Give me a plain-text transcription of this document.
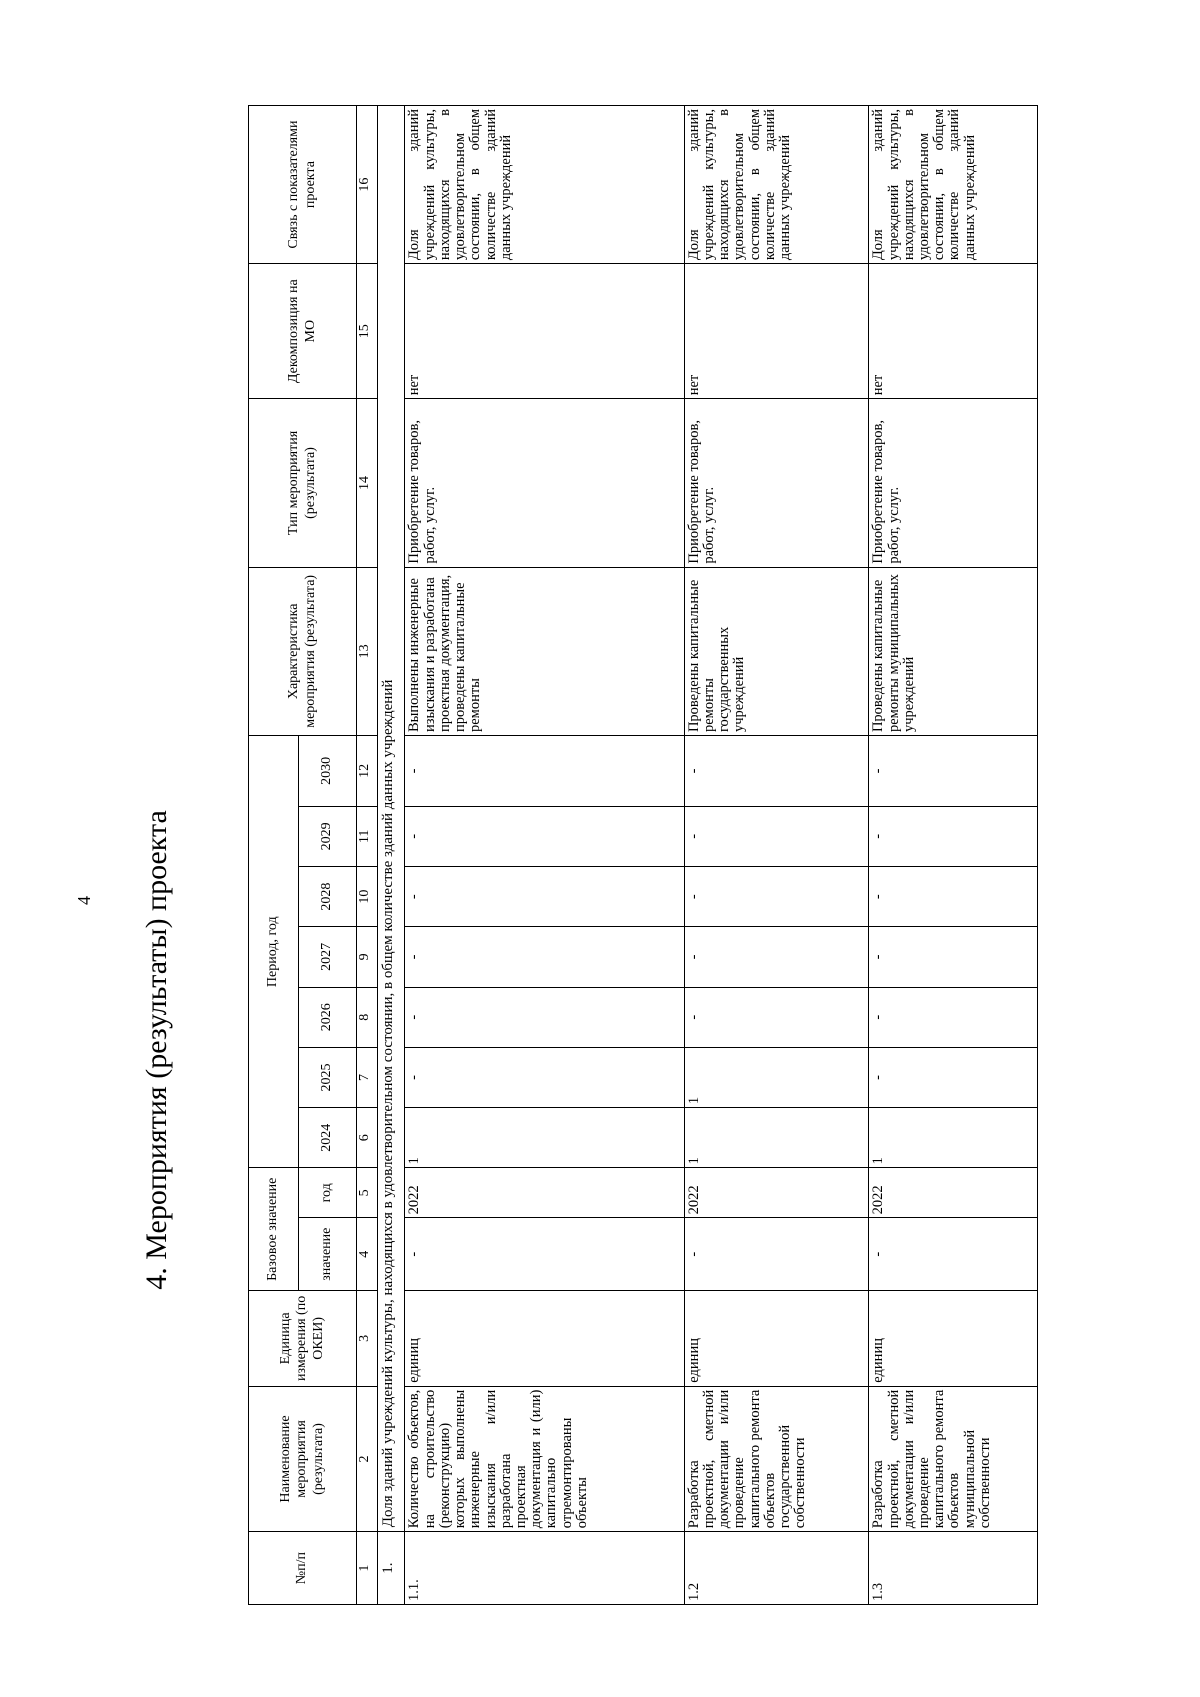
4 4. Мероприятия (результаты) проекта
№п/п	Наименование мероприятия (результата)	Единица измерения (по ОКЕИ)	Базовое значение		Период, год							Характеристика мероприятия (результата)	Тип мероприятия (результата)	Декомпозиция на МО	Связь с показателями проекта
			значение	год	2024	2025	2026	2027	2028	2029	2030				
1	2	3	4	5	6	7	8	9	10	11	12	13	14	15	16
1.	Доля зданий учреждений культуры, находящихся в удовлетворительном состоянии, в общем количестве зданий данных учреждений														
1.1.	Количество объектов, на строительство (реконструкцию) которых выполнены инженерные изыскания и/или разработана проектная документация и (или) капитально отремонтированы объекты	единиц	-	2022	1	-	-	-	-	-	-	Выполнены инженерные изыскания и разработана проектная документация, проведены капитальные ремонты	Приобретение товаров, работ, услуг.	нет	Доля зданий учреждений культуры, находящихся в удовлетворительном состоянии, в общем количестве зданий данных учреждений
1.2	Разработка проектной, сметной документации и/или проведение капитального ремонта объектов государственной собственности	единиц	-	2022	1	1	-	-	-	-	-	Проведены капитальные ремонты государственных учреждений	Приобретение товаров, работ, услуг.	нет	Доля зданий учреждений культуры, находящихся в удовлетворительном состоянии, в общем количестве зданий данных учреждений
1.3	Разработка проектной, сметной документации и/или проведение капитального ремонта объектов муниципальной собственности	единиц	-	2022	1	-	-	-	-	-	-	Проведены капитальные ремонты муниципальных учреждений	Приобретение товаров, работ, услуг.	нет	Доля зданий учреждений культуры, находящихся в удовлетворительном состоянии, в общем количестве зданий данных учреждений
